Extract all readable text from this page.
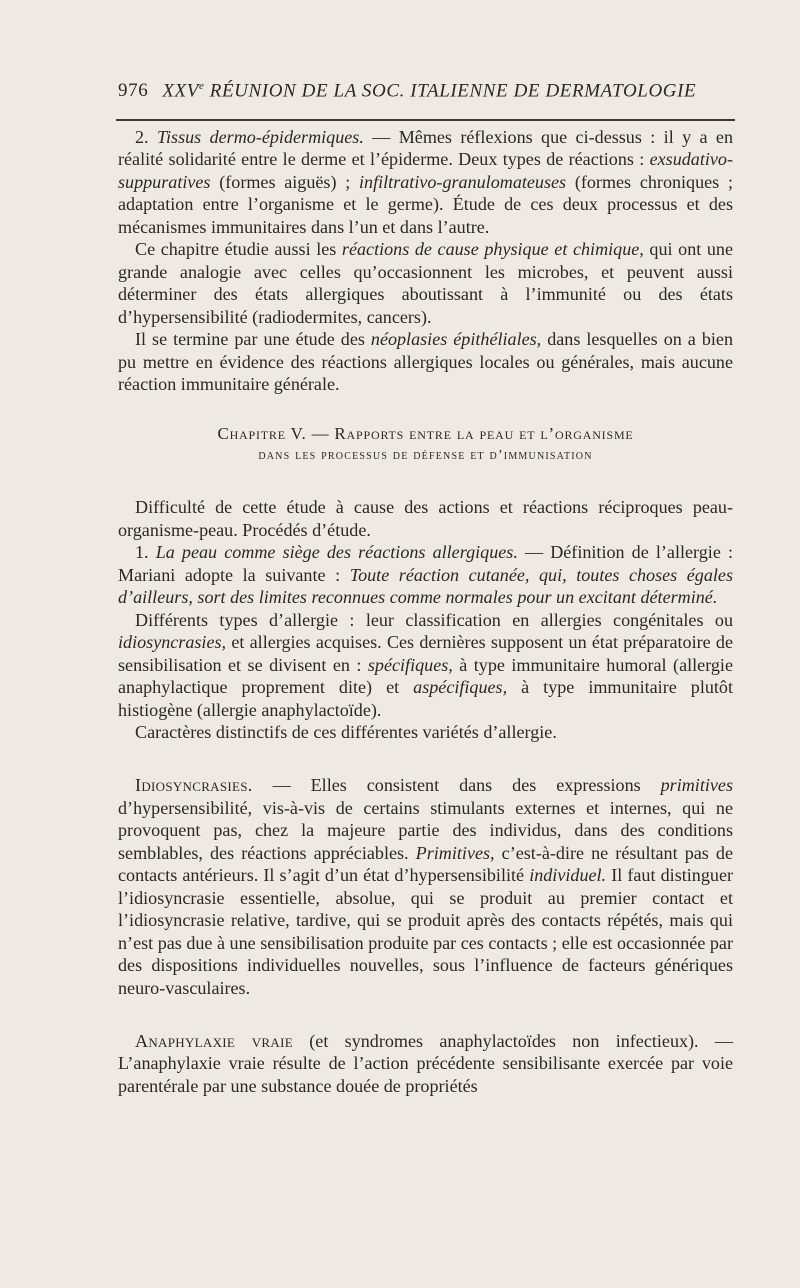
976 XXVe RÉUNION DE LA SOC. ITALIENNE DE DERMATOLOGIE

2. Tissus dermo-épidermiques. — Mêmes réflexions que ci-dessus : il y a en réalité solidarité entre le derme et l’épiderme. Deux types de réactions : exsudativo-suppuratives (formes aiguës) ; infiltrativo-granulomateuses (formes chroniques ; adaptation entre l’organisme et le germe). Étude de ces deux processus et des mécanismes immunitaires dans l’un et dans l’autre.

Ce chapitre étudie aussi les réactions de cause physique et chimique, qui ont une grande analogie avec celles qu’occasionnent les microbes, et peuvent aussi déterminer des états allergiques aboutissant à l’immunité ou des états d’hypersensibilité (radiodermites, cancers).

Il se termine par une étude des néoplasies épithéliales, dans lesquelles on a bien pu mettre en évidence des réactions allergiques locales ou générales, mais aucune réaction immunitaire générale.

Chapitre V. — Rapports entre la peau et l’organisme
dans les processus de défense et d’immunisation

Difficulté de cette étude à cause des actions et réactions réciproques peau-organisme-peau. Procédés d’étude.

1. La peau comme siège des réactions allergiques. — Définition de l’allergie : Mariani adopte la suivante : Toute réaction cutanée, qui, toutes choses égales d’ailleurs, sort des limites reconnues comme normales pour un excitant déterminé.

Différents types d’allergie : leur classification en allergies congénitales ou idiosyncrasies, et allergies acquises. Ces dernières supposent un état préparatoire de sensibilisation et se divisent en : spécifiques, à type immunitaire humoral (allergie anaphylactique proprement dite) et aspécifiques, à type immunitaire plutôt histiogène (allergie anaphylactoïde).

Caractères distinctifs de ces différentes variétés d’allergie.

Idiosyncrasies. — Elles consistent dans des expressions primitives d’hypersensibilité, vis-à-vis de certains stimulants externes et internes, qui ne provoquent pas, chez la majeure partie des individus, dans des conditions semblables, des réactions appréciables. Primitives, c’est-à-dire ne résultant pas de contacts antérieurs. Il s’agit d’un état d’hypersensibilité individuel. Il faut distinguer l’idiosyncrasie essentielle, absolue, qui se produit au premier contact et l’idiosyncrasie relative, tardive, qui se produit après des contacts répétés, mais qui n’est pas due à une sensibilisation produite par ces contacts ; elle est occasionnée par des dispositions individuelles nouvelles, sous l’influence de facteurs génériques neuro-vasculaires.

Anaphylaxie vraie (et syndromes anaphylactoïdes non infectieux). — L’anaphylaxie vraie résulte de l’action précédente sensibilisante exercée par voie parentérale par une substance douée de propriétés
